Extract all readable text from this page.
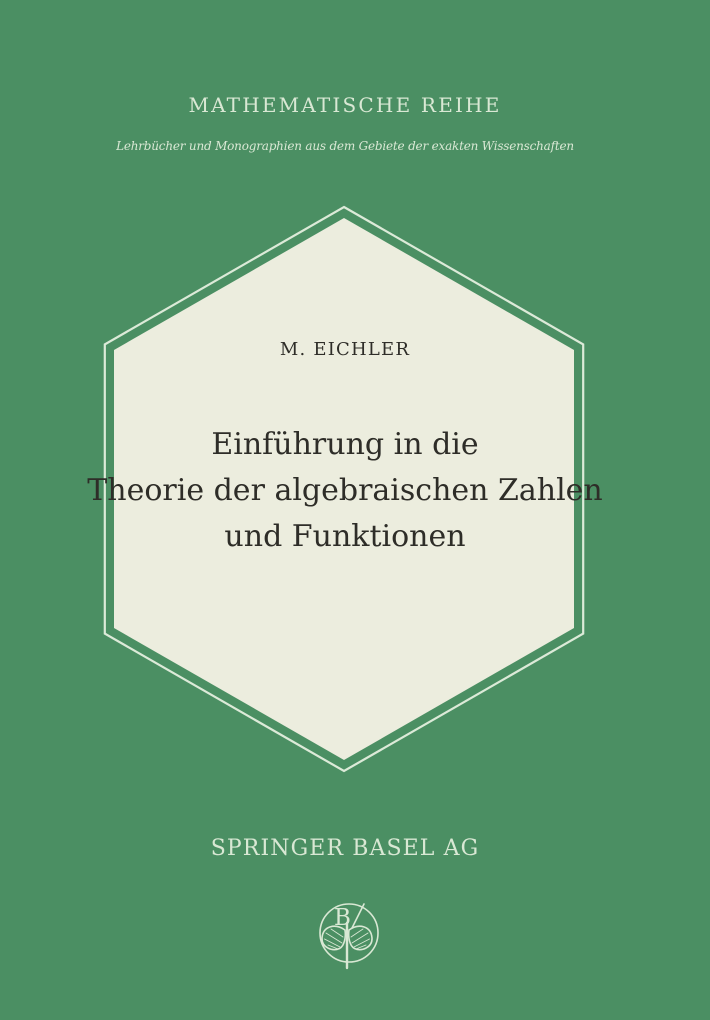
MATHEMATISCHE REIHE
Lehrbücher und Monographien aus dem Gebiete der exakten Wissenschaften
M. EICHLER
Einführung in die
Theorie der algebraischen Zahlen
und Funktionen
SPRINGER BASEL AG
B
